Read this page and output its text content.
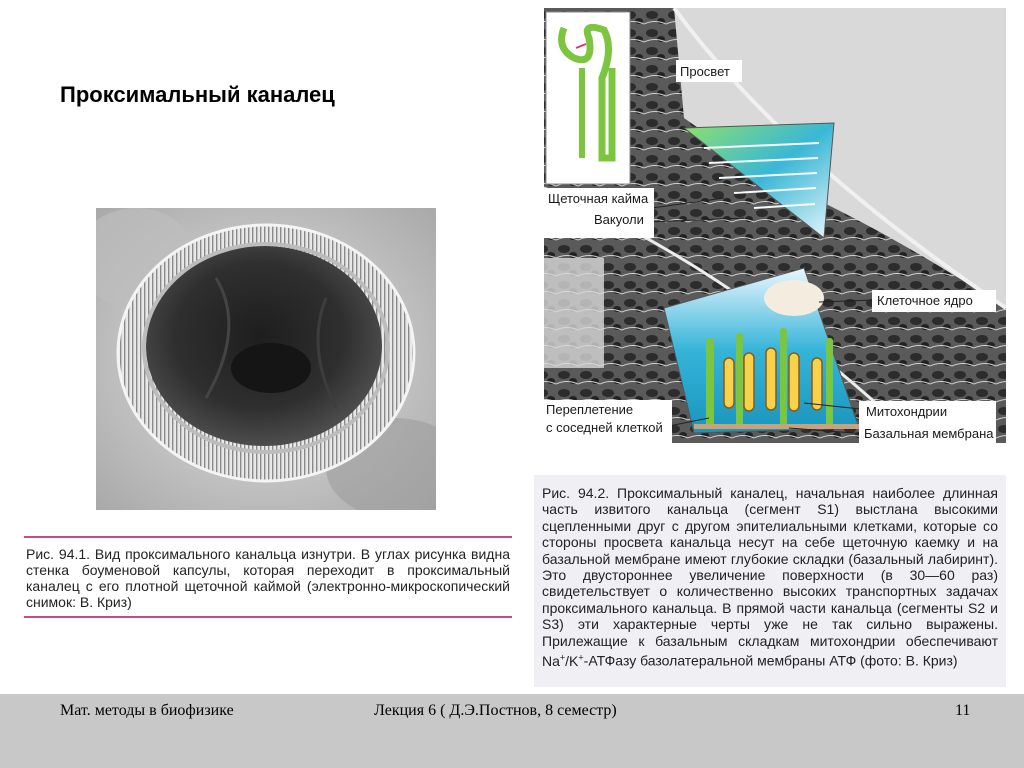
Проксимальный каналец
Рис. 94.1. Вид проксимального канальца изнутри. В углах рисунка видна стенка боуменовой капсулы, которая переходит в проксимальный каналец с его плотной щеточной каймой (электронно-микроскопический снимок: В. Криз)
Просвет
Щеточная кайма
Вакуоли
Клеточное ядро
Переплетение
с соседней клеткой
Митохондрии
Базальная мембрана
Рис. 94.2. Проксимальный каналец, начальная наиболее длинная часть извитого канальца (сегмент S1) выстлана высокими сцепленными друг с другом эпителиальными клетками, которые со стороны просвета канальца несут на себе щеточную каемку и на базальной мембране имеют глубокие складки (базальный лабиринт). Это двустороннее увеличение поверхности (в 30—60 раз) свидетельствует о количественно высоких транспортных задачах проксимального канальца. В прямой части канальца (сегменты S2 и S3) эти характерные черты уже не так сильно выражены. Прилежащие к базальным складкам митохондрии обеспечивают Na+/K+-АТФазу базолатеральной мембраны АТФ (фото: В. Криз)
Мат. методы в биофизике	Лекция 6 ( Д.Э.Постнов, 8 семестр)	11
